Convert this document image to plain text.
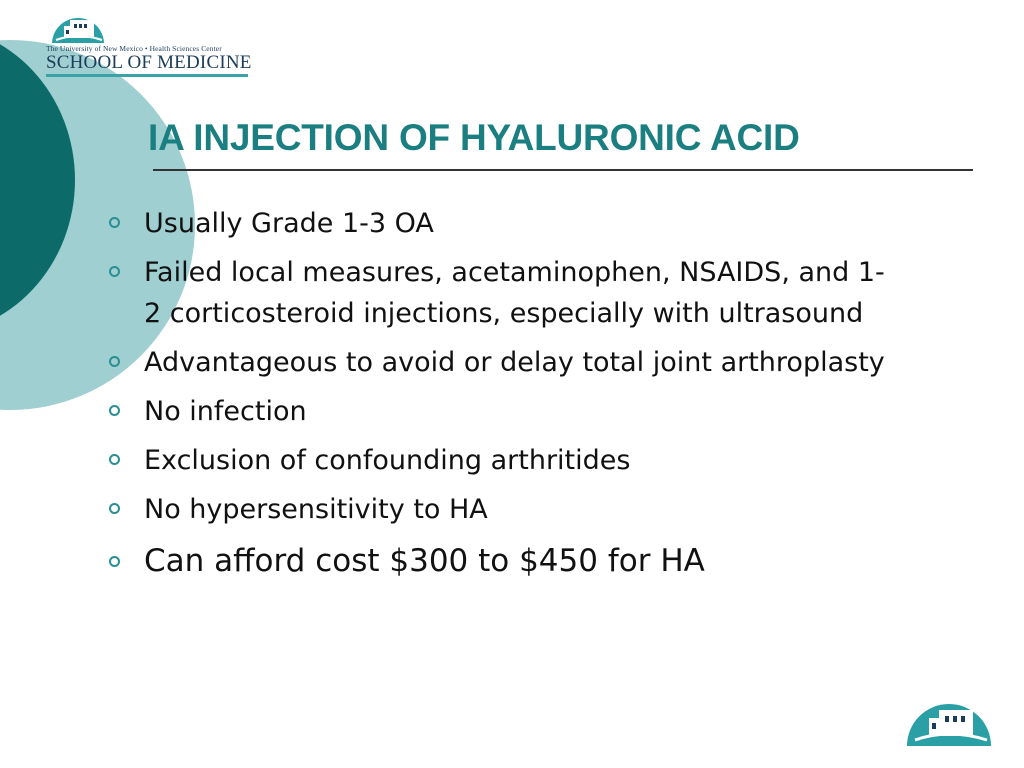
The University of New Mexico • Health Sciences Center
SCHOOL OF MEDICINE
IA INJECTION OF HYALURONIC ACID
Usually Grade 1-3 OA
Failed local measures, acetaminophen, NSAIDS, and 1-2 corticosteroid injections, especially with ultrasound
Advantageous to avoid or delay total joint arthroplasty
No infection
Exclusion of confounding arthritides
No hypersensitivity to HA
Can afford cost $300 to $450 for HA
